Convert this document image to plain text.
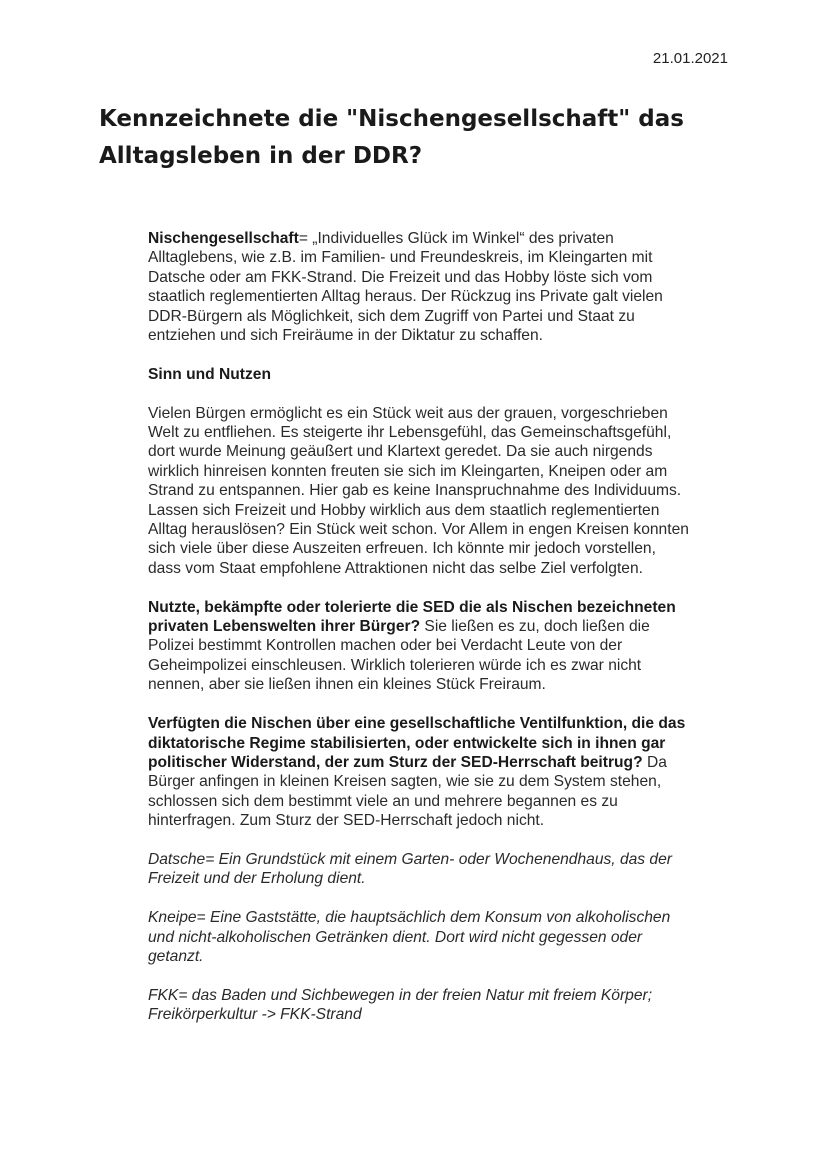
21.01.2021
Kennzeichnete die "Nischengesellschaft" das
Alltagsleben in der DDR?

Nischengesellschaft= „Individuelles Glück im Winkel“ des privaten
Alltaglebens, wie z.B. im Familien- und Freundeskreis, im Kleingarten mit
Datsche oder am FKK-Strand. Die Freizeit und das Hobby löste sich vom
staatlich reglementierten Alltag heraus. Der Rückzug ins Private galt vielen
DDR-Bürgern als Möglichkeit, sich dem Zugriff von Partei und Staat zu
entziehen und sich Freiräume in der Diktatur zu schaffen.

Sinn und Nutzen

Vielen Bürgen ermöglicht es ein Stück weit aus der grauen, vorgeschrieben
Welt zu entfliehen. Es steigerte ihr Lebensgefühl, das Gemeinschaftsgefühl,
dort wurde Meinung geäußert und Klartext geredet. Da sie auch nirgends
wirklich hinreisen konnten freuten sie sich im Kleingarten, Kneipen oder am
Strand zu entspannen. Hier gab es keine Inanspruchnahme des Individuums.
Lassen sich Freizeit und Hobby wirklich aus dem staatlich reglementierten
Alltag herauslösen? Ein Stück weit schon. Vor Allem in engen Kreisen konnten
sich viele über diese Auszeiten erfreuen. Ich könnte mir jedoch vorstellen,
dass vom Staat empfohlene Attraktionen nicht das selbe Ziel verfolgten.

Nutzte, bekämpfte oder tolerierte die SED die als Nischen bezeichneten
privaten Lebenswelten ihrer Bürger? Sie ließen es zu, doch ließen die
Polizei bestimmt Kontrollen machen oder bei Verdacht Leute von der
Geheimpolizei einschleusen. Wirklich tolerieren würde ich es zwar nicht
nennen, aber sie ließen ihnen ein kleines Stück Freiraum.

Verfügten die Nischen über eine gesellschaftliche Ventilfunktion, die das
diktatorische Regime stabilisierten, oder entwickelte sich in ihnen gar
politischer Widerstand, der zum Sturz der SED-Herrschaft beitrug? Da
Bürger anfingen in kleinen Kreisen sagten, wie sie zu dem System stehen,
schlossen sich dem bestimmt viele an und mehrere begannen es zu
hinterfragen. Zum Sturz der SED-Herrschaft jedoch nicht.

Datsche= Ein Grundstück mit einem Garten- oder Wochenendhaus, das der
Freizeit und der Erholung dient.

Kneipe= Eine Gaststätte, die hauptsächlich dem Konsum von alkoholischen
und nicht-alkoholischen Getränken dient. Dort wird nicht gegessen oder
getanzt.

FKK= das Baden und Sichbewegen in der freien Natur mit freiem Körper;
Freikörperkultur -> FKK-Strand
